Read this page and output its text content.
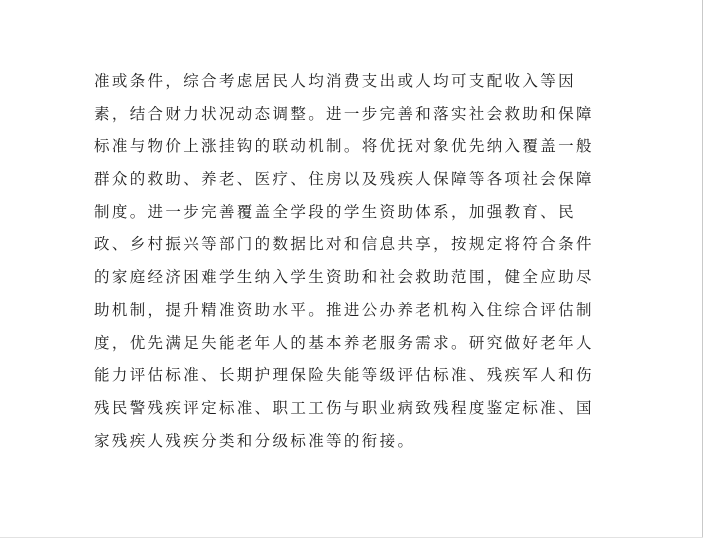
准或条件，综合考虑居民人均消费支出或人均可支配收入等因
素，结合财力状况动态调整。进一步完善和落实社会救助和保障
标准与物价上涨挂钩的联动机制。将优抚对象优先纳入覆盖一般
群众的救助、养老、医疗、住房以及残疾人保障等各项社会保障
制度。进一步完善覆盖全学段的学生资助体系，加强教育、民
政、乡村振兴等部门的数据比对和信息共享，按规定将符合条件
的家庭经济困难学生纳入学生资助和社会救助范围，健全应助尽
助机制，提升精准资助水平。推进公办养老机构入住综合评估制
度，优先满足失能老年人的基本养老服务需求。研究做好老年人
能力评估标准、长期护理保险失能等级评估标准、残疾军人和伤
残民警残疾评定标准、职工工伤与职业病致残程度鉴定标准、国
家残疾人残疾分类和分级标准等的衔接。
